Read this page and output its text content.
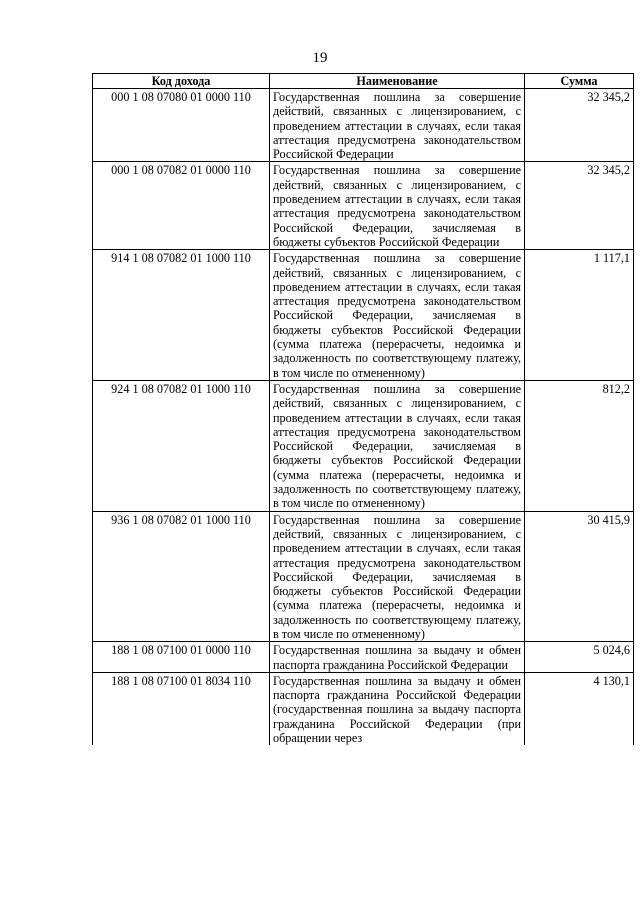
19
Код дохода	Наименование	Сумма
000 1 08 07080 01 0000 110	Государственная пошлина за совершение действий, связанных с лицензированием, с проведением аттестации в случаях, если такая аттестация предусмотрена законодательством Российской Федерации	32 345,2
000 1 08 07082 01 0000 110	Государственная пошлина за совершение действий, связанных с лицензированием, с проведением аттестации в случаях, если такая аттестация предусмотрена законодательством Российской Федерации, зачисляемая в бюджеты субъектов Российской Федерации	32 345,2
914 1 08 07082 01 1000 110	Государственная пошлина за совершение действий, связанных с лицензированием, с проведением аттестации в случаях, если такая аттестация предусмотрена законодательством Российской Федерации, зачисляемая в бюджеты субъектов Российской Федерации (сумма платежа (перерасчеты, недоимка и задолженность по соответствующему платежу, в том числе по отмененному)	1 117,1
924 1 08 07082 01 1000 110	Государственная пошлина за совершение действий, связанных с лицензированием, с проведением аттестации в случаях, если такая аттестация предусмотрена законодательством Российской Федерации, зачисляемая в бюджеты субъектов Российской Федерации (сумма платежа (перерасчеты, недоимка и задолженность по соответствующему платежу, в том числе по отмененному)	812,2
936 1 08 07082 01 1000 110	Государственная пошлина за совершение действий, связанных с лицензированием, с проведением аттестации в случаях, если такая аттестация предусмотрена законодательством Российской Федерации, зачисляемая в бюджеты субъектов Российской Федерации (сумма платежа (перерасчеты, недоимка и задолженность по соответствующему платежу, в том числе по отмененному)	30 415,9
188 1 08 07100 01 0000 110	Государственная пошлина за выдачу и обмен паспорта гражданина Российской Федерации	5 024,6
188 1 08 07100 01 8034 110	Государственная пошлина за выдачу и обмен паспорта гражданина Российской Федерации (государственная пошлина за выдачу паспорта гражданина Российской Федерации (при обращении через	4 130,1
